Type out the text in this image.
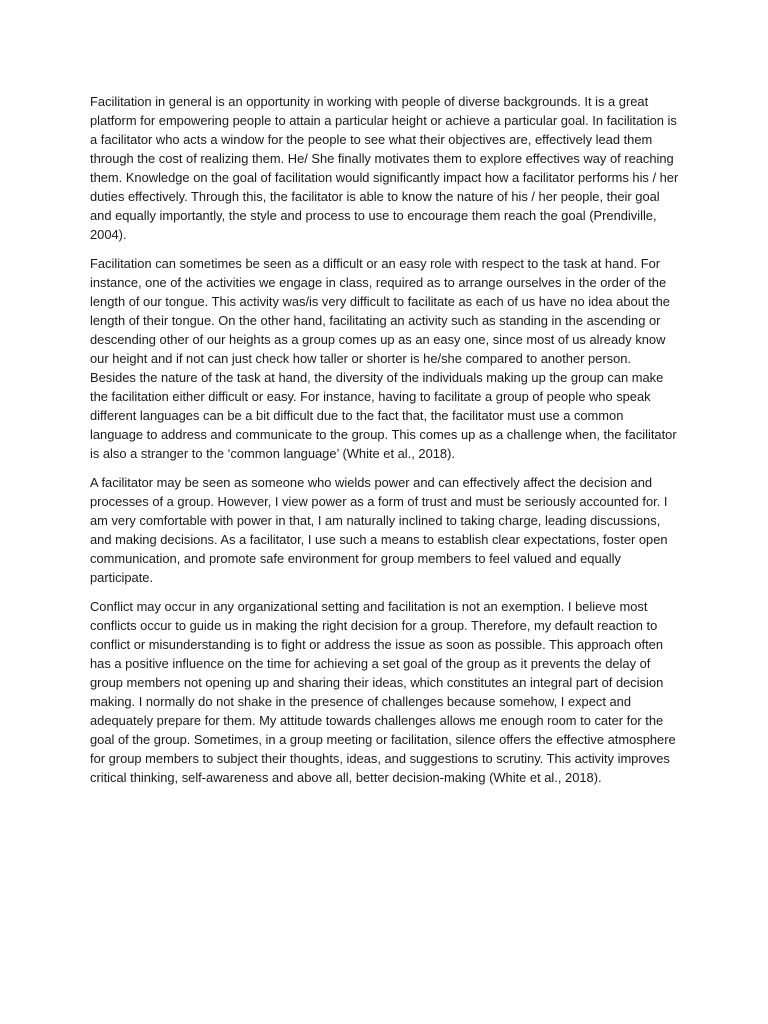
Facilitation in general is an opportunity in working with people of diverse backgrounds. It is a great platform for empowering people to attain a particular height or achieve a particular goal. In facilitation is a facilitator who acts a window for the people to see what their objectives are, effectively lead them through the cost of realizing them. He/ She finally motivates them to explore effectives way of reaching them. Knowledge on the goal of facilitation would significantly impact how a facilitator performs his / her duties effectively. Through this, the facilitator is able to know the nature of his / her people, their goal and equally importantly, the style and process to use to encourage them reach the goal (Prendiville, 2004).

Facilitation can sometimes be seen as a difficult or an easy role with respect to the task at hand. For instance, one of the activities we engage in class, required as to arrange ourselves in the order of the length of our tongue. This activity was/is very difficult to facilitate as each of us have no idea about the length of their tongue. On the other hand, facilitating an activity such as standing in the ascending or descending other of our heights as a group comes up as an easy one, since most of us already know our height and if not can just check how taller or shorter is he/she compared to another person. Besides the nature of the task at hand, the diversity of the individuals making up the group can make the facilitation either difficult or easy. For instance, having to facilitate a group of people who speak different languages can be a bit difficult due to the fact that, the facilitator must use a common language to address and communicate to the group. This comes up as a challenge when, the facilitator is also a stranger to the ‘common language’ (White et al., 2018).

A facilitator may be seen as someone who wields power and can effectively affect the decision and processes of a group. However, I view power as a form of trust and must be seriously accounted for. I am very comfortable with power in that, I am naturally inclined to taking charge, leading discussions, and making decisions. As a facilitator, I use such a means to establish clear expectations, foster open communication, and promote safe environment for group members to feel valued and equally participate.

Conflict may occur in any organizational setting and facilitation is not an exemption. I believe most conflicts occur to guide us in making the right decision for a group. Therefore, my default reaction to conflict or misunderstanding is to fight or address the issue as soon as possible. This approach often has a positive influence on the time for achieving a set goal of the group as it prevents the delay of group members not opening up and sharing their ideas, which constitutes an integral part of decision making. I normally do not shake in the presence of challenges because somehow, I expect and adequately prepare for them. My attitude towards challenges allows me enough room to cater for the goal of the group. Sometimes, in a group meeting or facilitation, silence offers the effective atmosphere for group members to subject their thoughts, ideas, and suggestions to scrutiny. This activity improves critical thinking, self-awareness and above all, better decision-making (White et al., 2018).
